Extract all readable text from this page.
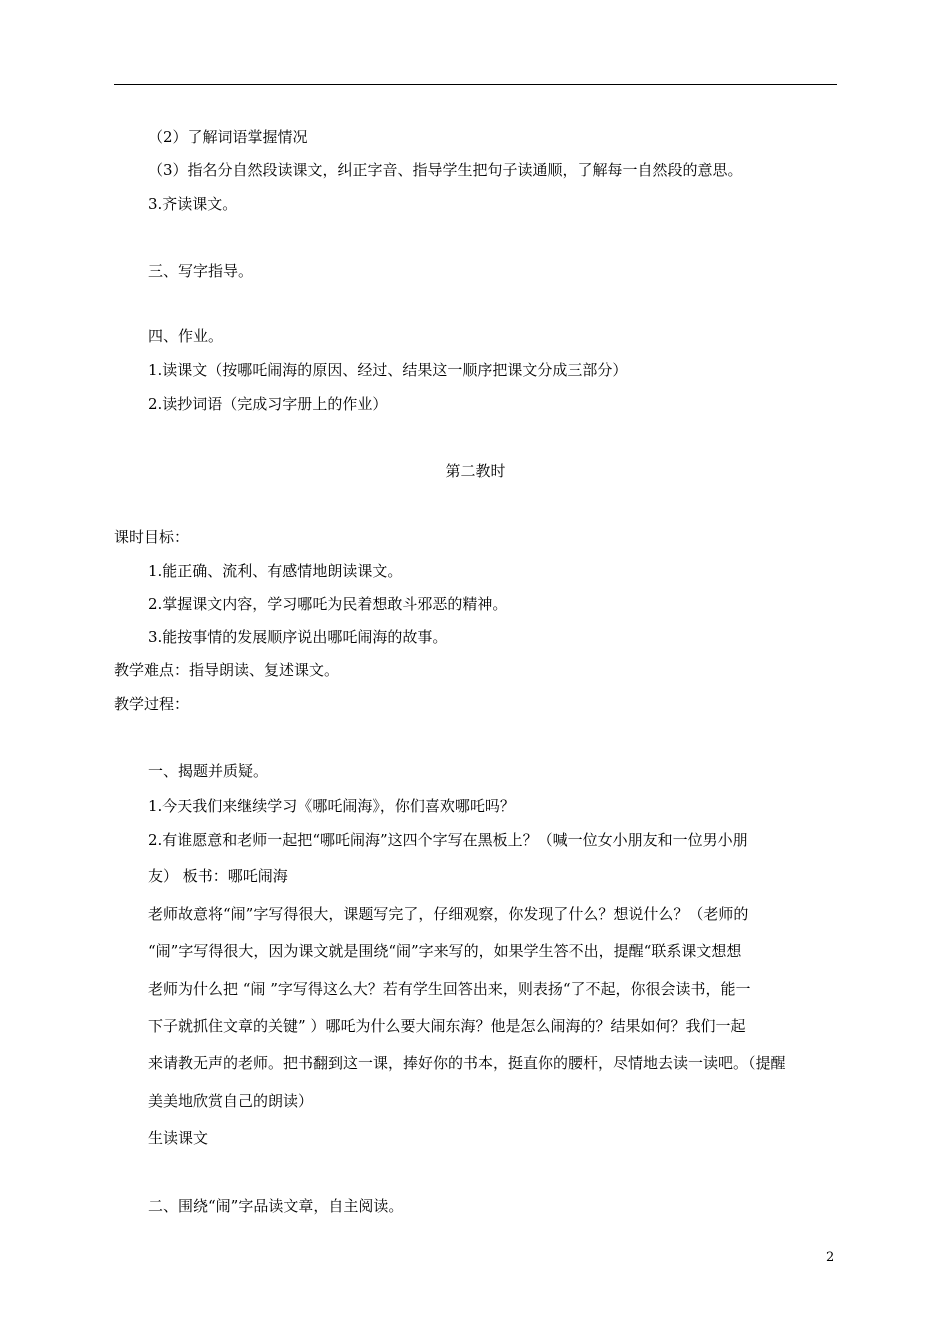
（2）了解词语掌握情况
（3）指名分自然段读课文，纠正字音、指导学生把句子读通顺，了解每一自然段的意思。
3.齐读课文。
三、写字指导。
四、作业。
1.读课文（按哪吒闹海的原因、经过、结果这一顺序把课文分成三部分）
2.读抄词语（完成习字册上的作业）
第二教时
课时目标：
1.能正确、流利、有感情地朗读课文。
2.掌握课文内容，学习哪吒为民着想敢斗邪恶的精神。
3.能按事情的发展顺序说出哪吒闹海的故事。
教学难点：指导朗读、复述课文。
教学过程：
一、揭题并质疑。
1.今天我们来继续学习《哪吒闹海》，你们喜欢哪吒吗？
2.有谁愿意和老师一起把“哪吒闹海”这四个字写在黑板上？（喊一位女小朋友和一位男小朋
友） 板书：哪吒闹海
老师故意将“闹”字写得很大，课题写完了，仔细观察，你发现了什么？想说什么？（老师的
“闹”字写得很大，因为课文就是围绕“闹”字来写的，如果学生答不出，提醒“联系课文想想
老师为什么把 “闹 ”字写得这么大？若有学生回答出来，则表扬“了不起，你很会读书，能一
下子就抓住文章的关键” ）哪吒为什么要大闹东海？他是怎么闹海的？结果如何？我们一起
来请教无声的老师。把书翻到这一课，捧好你的书本，挺直你的腰杆，尽情地去读一读吧。（提醒
美美地欣赏自己的朗读）
生读课文
二、围绕“闹”字品读文章，自主阅读。
2
